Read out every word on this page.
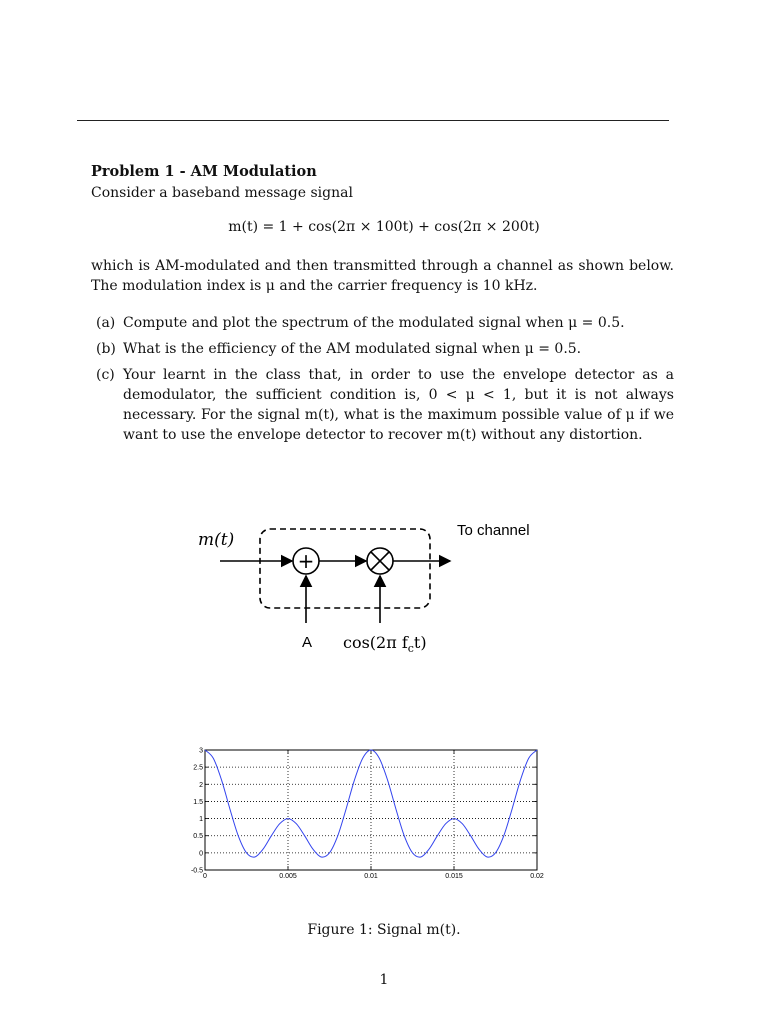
Problem 1 - AM Modulation
Consider a baseband message signal
m(t) = 1 + cos(2π × 100t) + cos(2π × 200t)
which is AM-modulated and then transmitted through a channel as shown below. The modulation index is μ and the carrier frequency is 10 kHz.
(a) Compute and plot the spectrum of the modulated signal when μ = 0.5.
(b) What is the efficiency of the AM modulated signal when μ = 0.5.
(c) Your learnt in the class that, in order to use the envelope detector as a demodulator, the sufficient condition is, 0 < μ < 1, but it is not always necessary. For the signal m(t), what is the maximum possible value of μ if we want to use the envelope detector to recover m(t) without any distortion.
+
m(t)	To channel
A cos(2π $f_ct$)
-0.5
0
0.5
1
1.5
2
2.5
3
0	0.005	0.01	0.015	0.02
Figure 1: Signal m(t).
1
